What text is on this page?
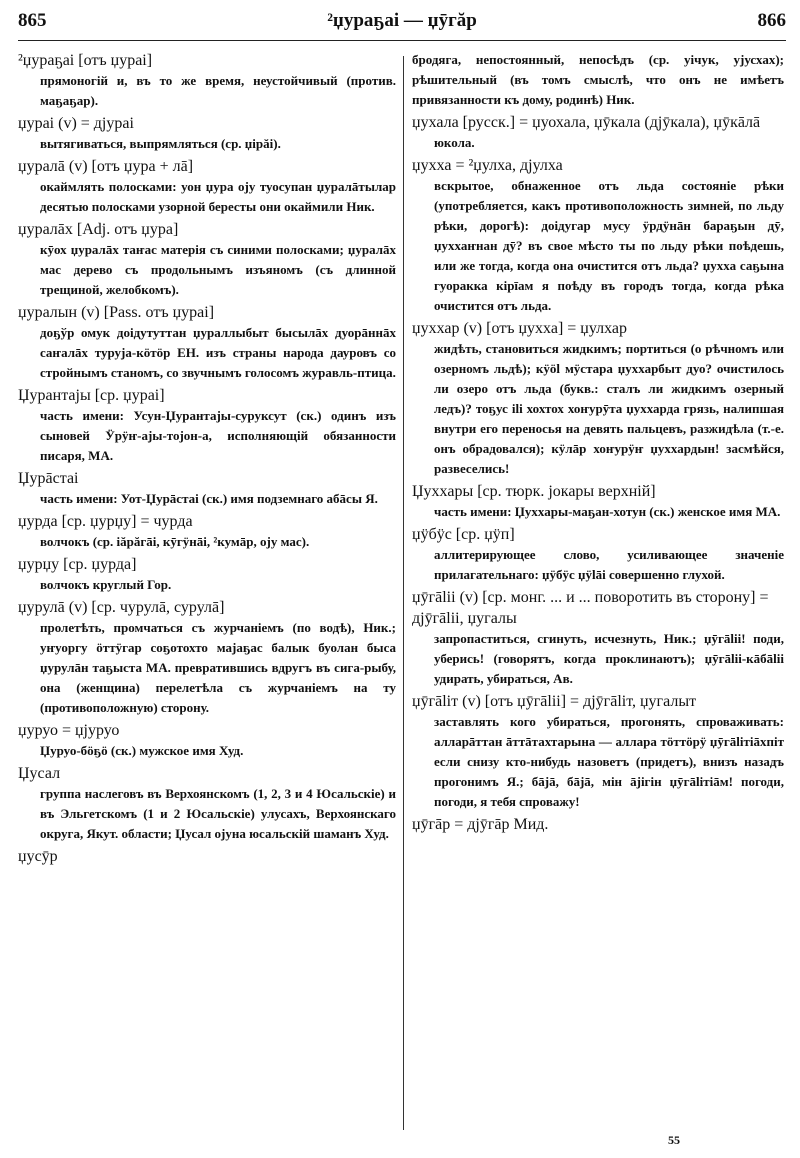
865	²џураҕаі — џӯгăр	866
²џураҕаі [отъ џураі]
прямоногій и, въ то же время, неустойчивый (против. маҕаҕар).
џураі (v) = дјураі
вытягиваться, выпрямляться (ср. џірăі).
џуралā (v) [отъ џура + лā]
окаймлять полосками: уон џура оју туосупан џуралāтылар десятью полосками узорной бересты они окаймили Ник.
џуралāх [Adj. отъ џура]
кӯох џуралāх таҥас матерія съ синими полосками; џуралāх мас дерево съ продольнымъ изъяномъ (съ длинной трещиной, желобкомъ).
џуралын (v) [Pass. отъ џураі]
доҕўр омук доідутуттан џураллыбыт бысылāх дуорāннāх саҥалāх туруја-кӧтӧр ЕН. изъ страны народа дауровъ со стройнымъ станомъ, со звучнымъ голосомъ журавль-птица.
Џурантајы [ср. џураі]
часть имени: Усун-Џурантајы-суруксут (ск.) одинъ изъ сыновей Ӱрӱҥ-ајы-тојон-а, исполняющій обязанности писаря, МА.
Џурāстаі
часть имени: Уот-Џурāстаі (ск.) имя подземнаго абāсы Я.
џурда [ср. џурџу] = чурда
волчокъ (ср. іăрăгāі, кӯгӱнāі, ²кумāр, оју мас).
џурџу [ср. џурда]
волчокъ круглый Гор.
џурулā (v) [ср. чурулā, сурулā]
пролетѣть, промчаться съ журчаніемъ (по водѣ), Ник.; уҥуоргу ӧттӱгар соҕотохто мајаҕас балык буолан быса џурулāн таҕыста МА. превратившись вдругъ въ сига-рыбу, она (женщина) перелетѣла съ журчаніемъ на ту (противоположную) сторону.
џуруо = џјуруо
Џуруо-бӧҕӧ (ск.) мужское имя Худ.
Џусал
группа наслеговъ въ Верхоянскомъ (1, 2, 3 и 4 Юсальскіе) и въ Эльгетскомъ (1 и 2 Юсальскіе) улусахъ, Верхоянскаго округа, Якут. области; Џусал ојуна юсальскій шаманъ Худ.
џусӯр
бродяга, непостоянный, непосѣдъ (ср. уічук, ујусхах); рѣшительный (въ томъ смыслѣ, что онъ не имѣетъ привязанности къ дому, родинѣ) Ник.
џухала [русск.] = џуохала, џӯкала (дјӯкала), џӯкāлā
юкола.
џухха = ²џулха, дјулха
вскрытое, обнаженное отъ льда состояніе рѣки (употребляется, какъ противоположность зимней, по льду рѣки, дорогѣ): доідугар мусу ӱрдӱнāн бараҕын дӯ, џуххаҥнан дӯ? въ свое мѣсто ты по льду рѣки поѣдешь, или же тогда, когда она очистится отъ льда? џухха саҕына гуоракка кірīам я поѣду въ городъ тогда, когда рѣка очистится отъ льда.
џуххар (v) [отъ џухха] = џулхар
жидѣть, становиться жидкимъ; портиться (о рѣчномъ или озерномъ льдѣ); кӱӧl мӱстара џуххарбыт дуо? очистилось ли озеро отъ льда (букв.: сталъ ли жидкимъ озерный ледъ)? тоҕус іlі хохтох хоҥурӯта џуххарда грязь, налипшая внутри его переносья на девять пальцевъ, разжидѣла (т.-е. онъ обрадовался); кӱлāр хоҥурӱҥ џуххардын! засмѣйся, развеселись!
Џуххары [ср. тюрк. јокары верхній]
часть имени: Џуххары-маҕан-хотун (ск.) женское имя МА.
џӱбӱс [ср. џӱп]
аллитерирующее слово, усиливающее значеніе прилагательнаго: џӱбӱс џӱlāі совершенно глухой.
џӯгālіі (v) [ср. монг. ... и ... поворотить въ сторону] = дјӯгālіі, џугалы
запропаститься, сгинуть, исчезнуть, Ник.; џӯгālіі! поди, уберись! (говорятъ, когда проклинаютъ); џӯгālіі-кāбālіі удирать, убираться, Ав.
џӯгālіт (v) [отъ џӯгālіі] = дјӯгālіт, џугалыт
заставлять кого убираться, прогонять, спроваживать: алларāттан āттāтахтарына — аллара тӧттӧрӱ џӯгālітіāхпіт если снизу кто-нибудь назоветъ (придетъ), внизъ назадъ прогонимъ Я.; бāјā, бāјā, мін āјігін џӯгālітіāм! погоди, погоди, я тебя спроважу!
џӯгāр = дјӯгāр Мид.
55
